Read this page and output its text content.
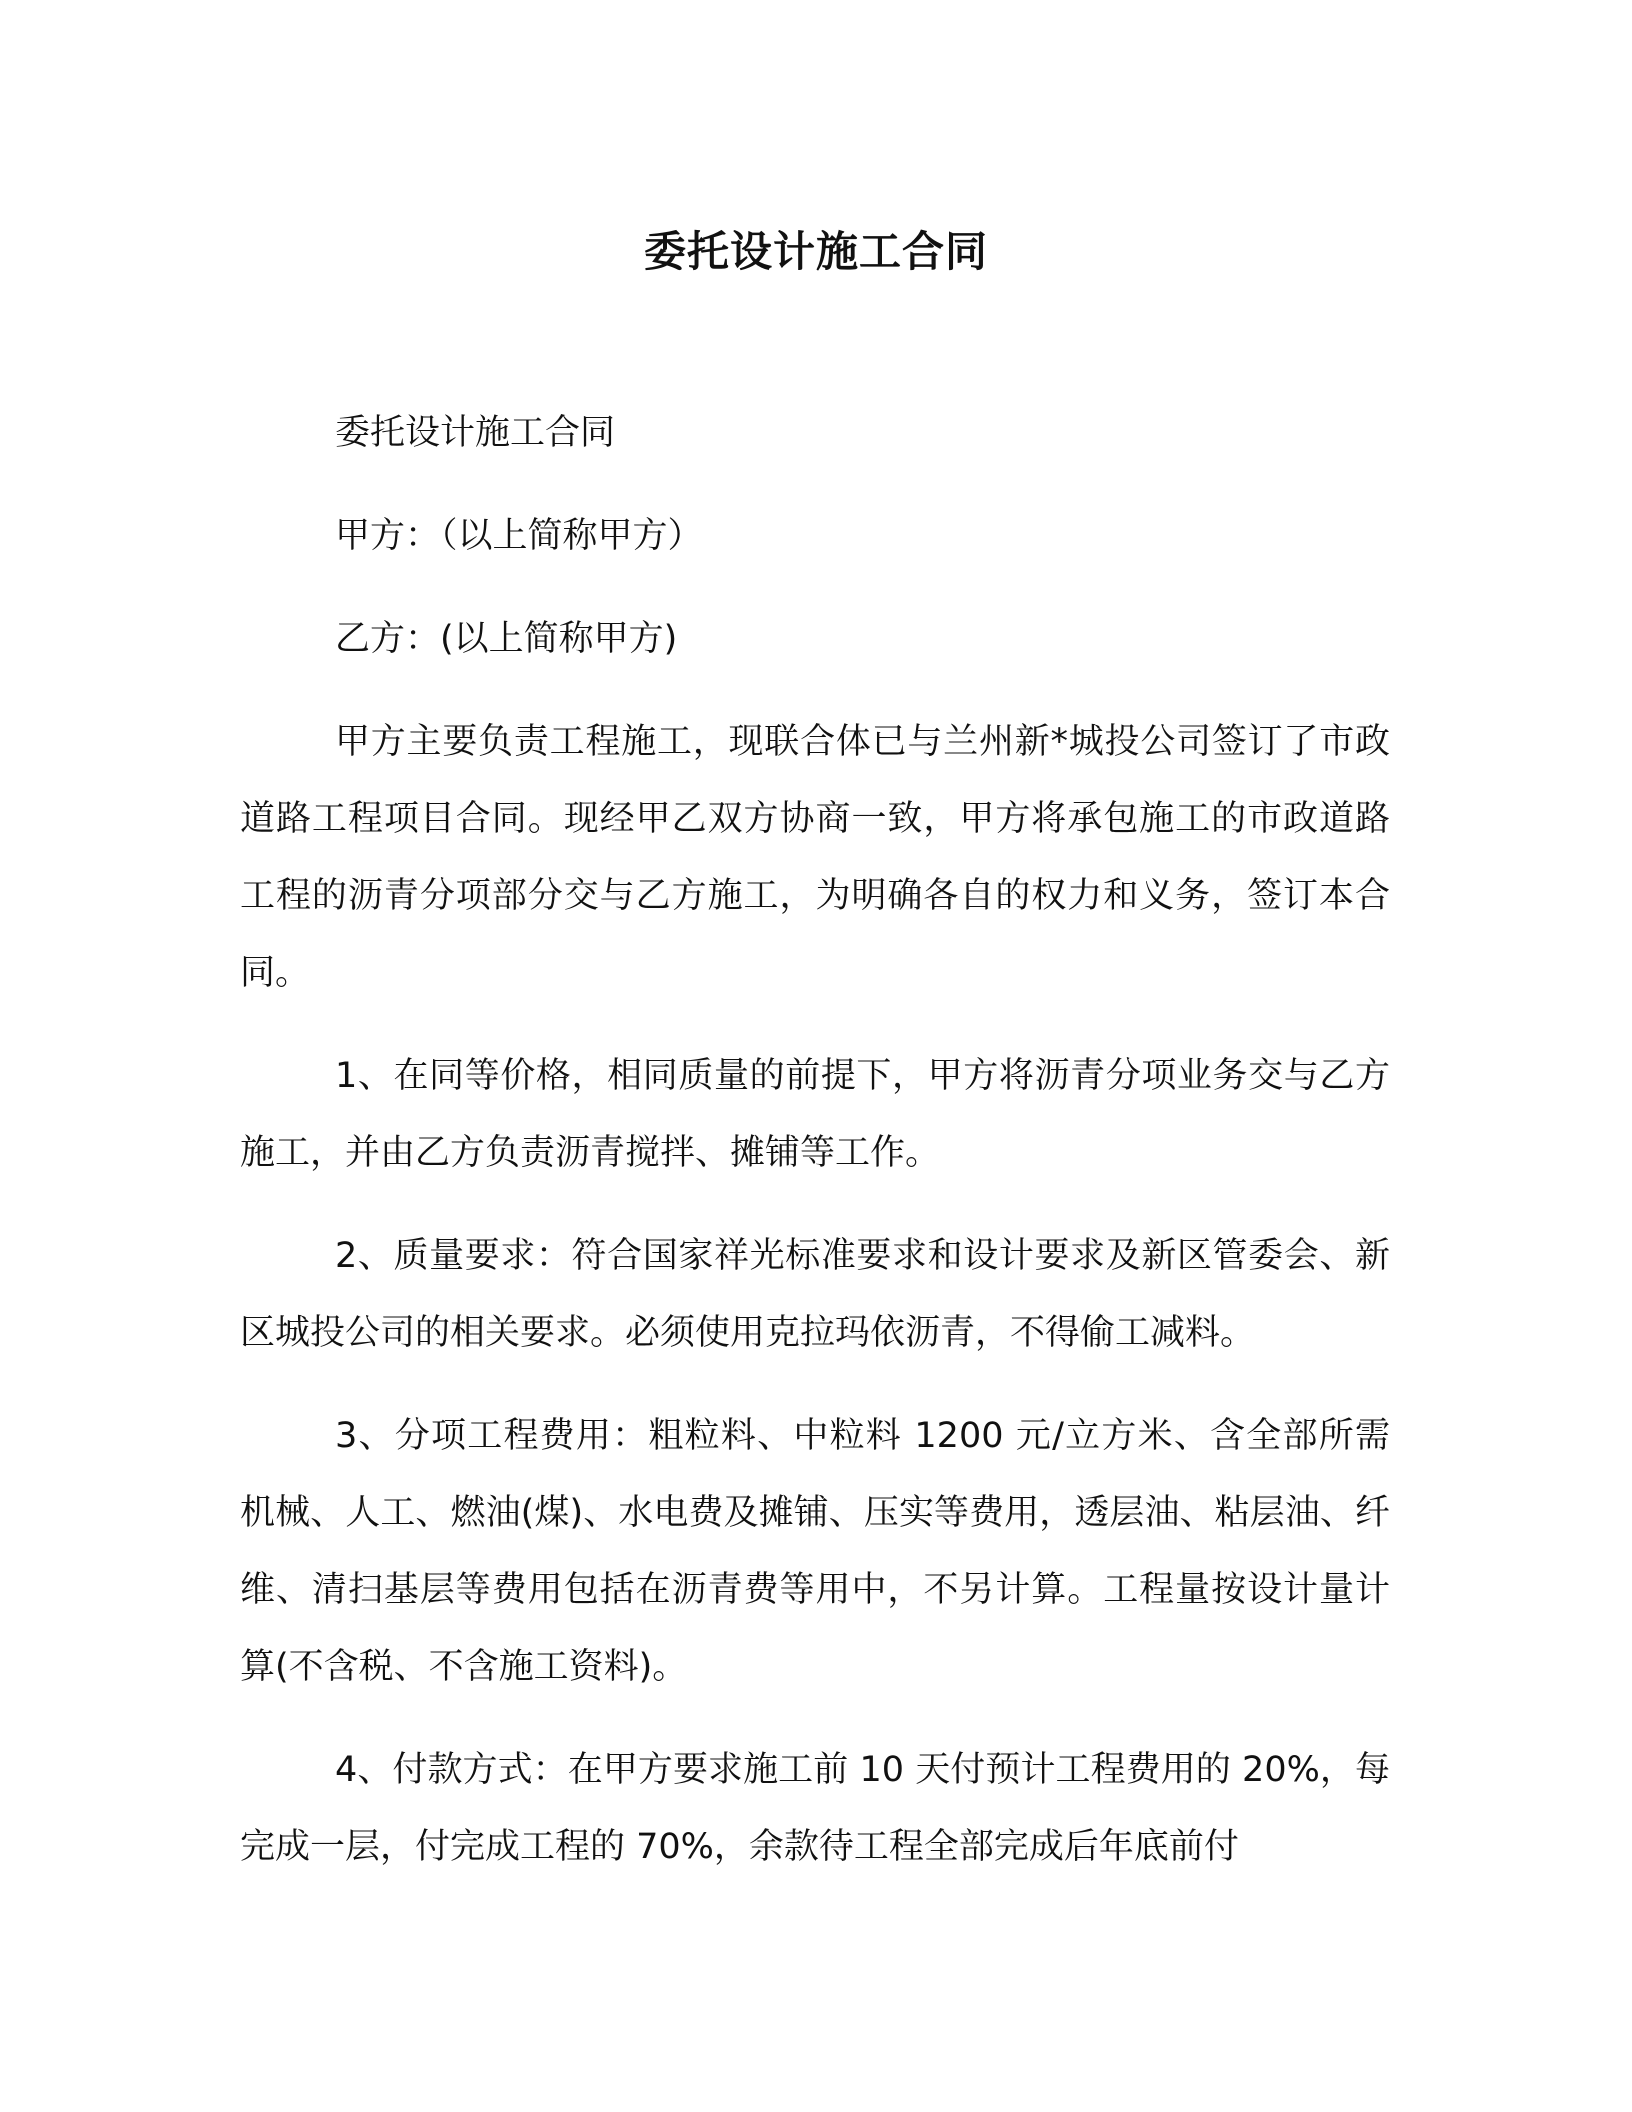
委托设计施工合同

委托设计施工合同

甲方：（以上简称甲方）

乙方：(以上简称甲方)

甲方主要负责工程施工，现联合体已与兰州新*城投公司签订了市政道路工程项目合同。现经甲乙双方协商一致，甲方将承包施工的市政道路工程的沥青分项部分交与乙方施工，为明确各自的权力和义务，签订本合同。

1、在同等价格，相同质量的前提下，甲方将沥青分项业务交与乙方施工，并由乙方负责沥青搅拌、摊铺等工作。

2、质量要求：符合国家祥光标准要求和设计要求及新区管委会、新区城投公司的相关要求。必须使用克拉玛依沥青，不得偷工减料。

3、分项工程费用：粗粒料、中粒料 1200 元/立方米、含全部所需机械、人工、燃油(煤)、水电费及摊铺、压实等费用，透层油、粘层油、纤维、清扫基层等费用包括在沥青费等用中，不另计算。工程量按设计量计算(不含税、不含施工资料)。

4、付款方式：在甲方要求施工前 10 天付预计工程费用的 20%，每完成一层，付完成工程的 70%，余款待工程全部完成后年底前付
